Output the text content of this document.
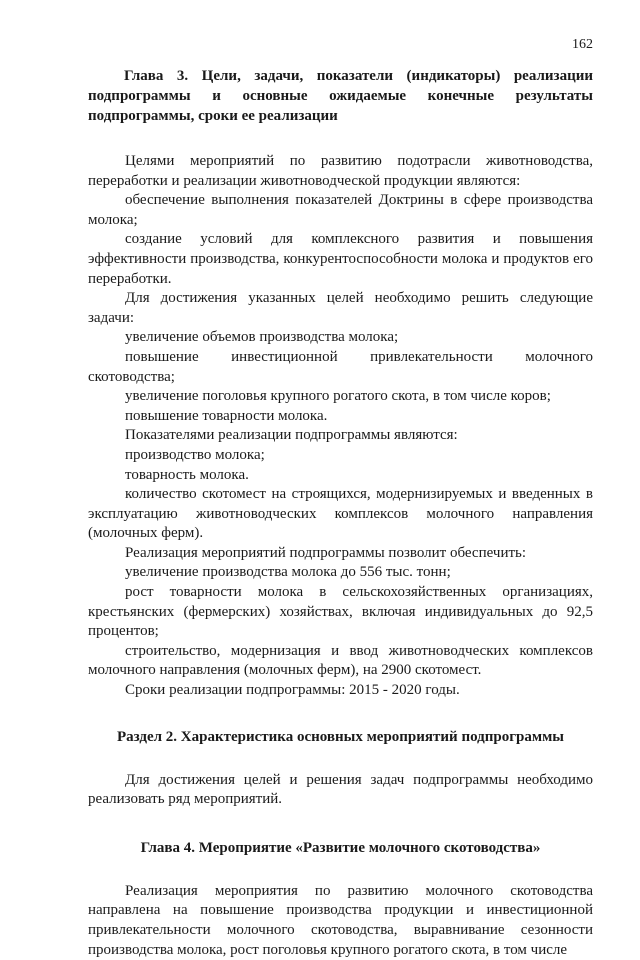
162
Глава 3. Цели, задачи, показатели (индикаторы) реализации подпрограммы и основные ожидаемые конечные результаты подпрограммы, сроки ее реализации

Целями мероприятий по развитию подотрасли животноводства, переработки и реализации животноводческой продукции являются:

обеспечение выполнения показателей Доктрины в сфере производства молока;

создание условий для комплексного развития и повышения эффективности производства, конкурентоспособности молока и продуктов его переработки.

Для достижения указанных целей необходимо решить следующие задачи:

увеличение объемов производства молока;

повышение инвестиционной привлекательности молочного скотоводства;

увеличение поголовья крупного рогатого скота, в том числе коров;

повышение товарности молока.

Показателями реализации подпрограммы являются:

производство молока;

товарность молока.

количество скотомест на строящихся, модернизируемых и введенных в эксплуатацию животноводческих комплексов молочного направления (молочных ферм).

Реализация мероприятий подпрограммы позволит обеспечить:

увеличение производства молока до 556 тыс. тонн;

рост товарности молока в сельскохозяйственных организациях, крестьянских (фермерских) хозяйствах, включая индивидуальных до 92,5 процентов;

строительство, модернизация и ввод животноводческих комплексов молочного направления (молочных ферм), на 2900 скотомест.

Сроки реализации подпрограммы: 2015 - 2020 годы.

Раздел 2. Характеристика основных мероприятий подпрограммы

Для достижения целей и решения задач подпрограммы необходимо реализовать ряд мероприятий.

Глава 4. Мероприятие «Развитие молочного скотоводства»

Реализация мероприятия по развитию молочного скотоводства направлена на повышение производства продукции и инвестиционной привлекательности молочного скотоводства, выравнивание сезонности производства молока, рост поголовья крупного рогатого скота, в том числе
